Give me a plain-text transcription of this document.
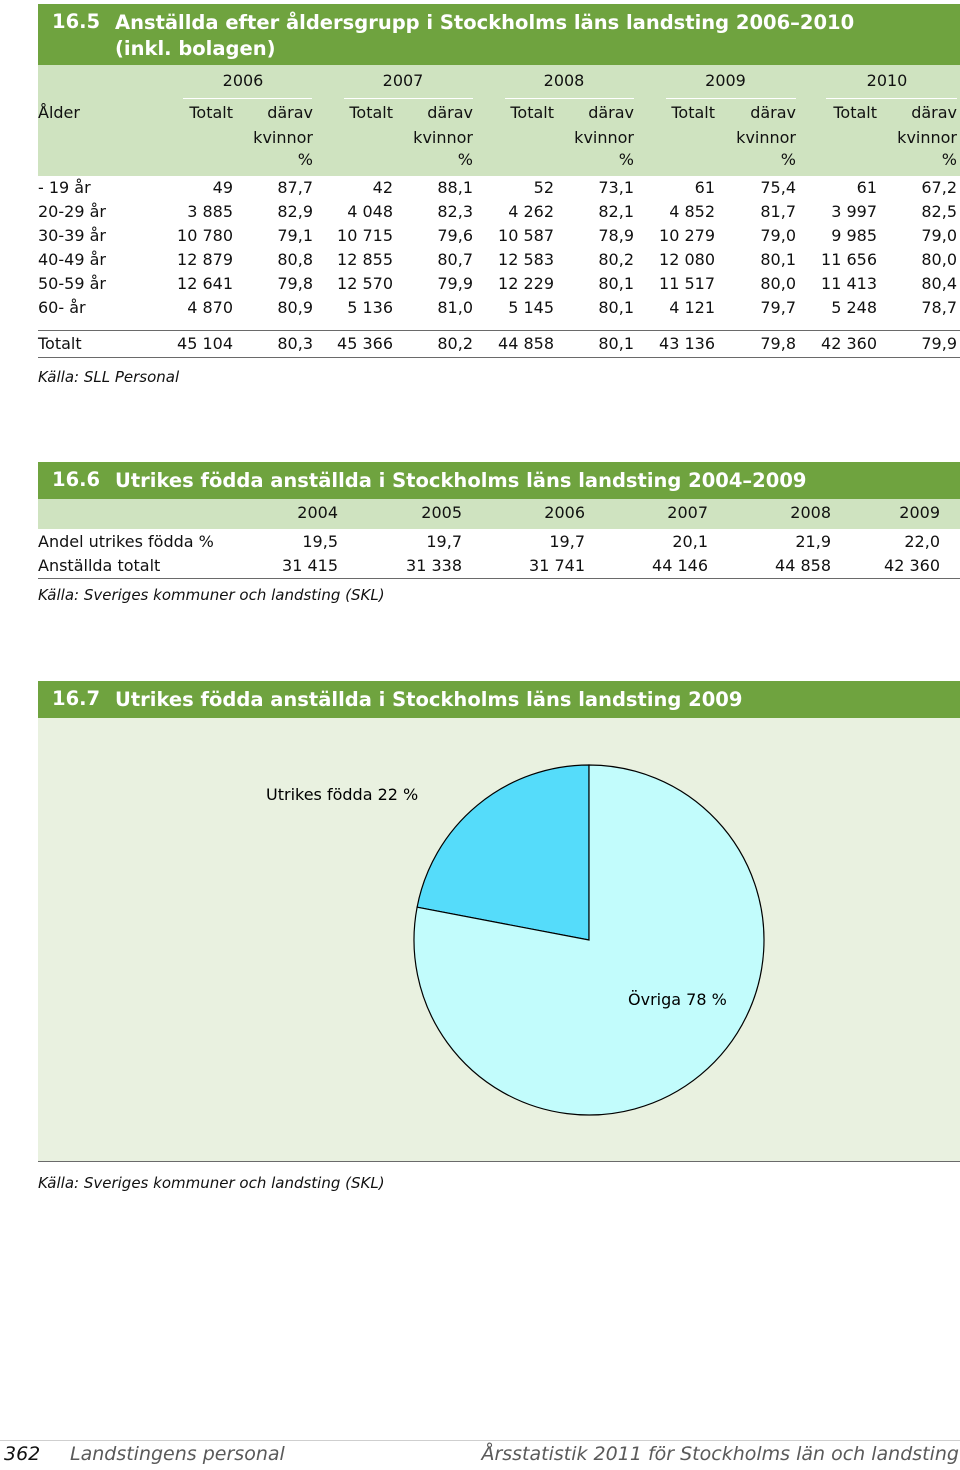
16.5 Anställda efter åldersgrupp i Stockholms läns landsting 2006–2010
(inkl. bolagen)
2006	2007	2008	2009	2010
Ålder	Totalt	därav
kvinnor
%
Totalt	därav
kvinnor
%
Totalt	därav
kvinnor
%
Totalt	därav
kvinnor
%
Totalt	därav
kvinnor
%
- 19 år	49	87,7	42	88,1	52	73,1	61	75,4	61	67,2
20-29 år	3 885	82,9	4 048	82,3	4 262	82,1	4 852	81,7	3 997	82,5
30-39 år	10 780	79,1	10 715	79,6	10 587	78,9	10 279	79,0	9 985	79,0
40-49 år	12 879	80,8	12 855	80,7	12 583	80,2	12 080	80,1	11 656	80,0
50-59 år	12 641	79,8	12 570	79,9	12 229	80,1	11 517	80,0	11 413	80,4
60- år	4 870	80,9	5 136	81,0	5 145	80,1	4 121	79,7	5 248	78,7
Totalt	45 104	80,3	45 366	80,2	44 858	80,1	43 136	79,8	42 360	79,9
Källa: SLL Personal
16.6 Utrikes födda anställda i Stockholms läns landsting 2004–2009
2004	2005	2006	2007	2008	2009
Andel utrikes födda %	19,5	19,7	19,7	20,1	21,9	22,0
Anställda totalt	31 415	31 338	31 741	44 146	44 858	42 360
Källa: Sveriges kommuner och landsting (SKL)
16.7 Utrikes födda anställda i Stockholms läns landsting 2009
Utrikes födda 22 %
Övriga 78 %
Källa: Sveriges kommuner och landsting (SKL)
362 Landstingens personal	Årsstatistik 2011 för Stockholms län och landsting
